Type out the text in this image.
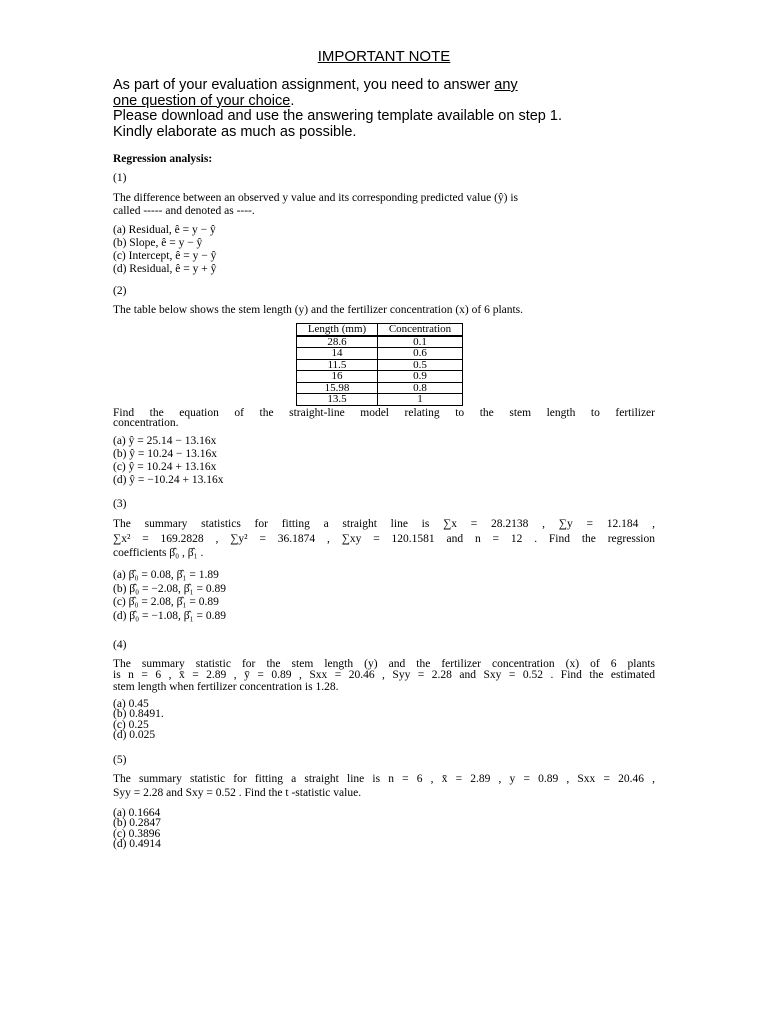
IMPORTANT NOTE

As part of your evaluation assignment, you need to answer any

one question of your choice.

Please download and use the answering template available on step 1.

Kindly elaborate as much as possible.

Regression analysis:
(1)
The difference between an observed y value and its corresponding predicted value (ŷ) is
called ----- and denoted as ----.
(a) Residual, ê = y − ŷ
(b) Slope, ê = y − ŷ
(c) Intercept, ê = y − ŷ
(d) Residual, ê = y + ŷ
(2)
The table below shows the stem length (y) and the fertilizer concentration (x) of 6 plants.
Length (mm)	Concentration
28.6	0.1
14	0.6
11.5	0.5
16	0.9
15.98	0.8
13.5	1
Find the equation of the straight-line model relating to the stem length to fertilizer
concentration.
(a) ŷ = 25.14 − 13.16x
(b) ŷ = 10.24 − 13.16x
(c) ŷ = 10.24 + 13.16x
(d) ŷ = −10.24 + 13.16x
(3)
The summary statistics for fitting a straight line is ∑x = 28.2138 , ∑y = 12.184 ,
∑x² = 169.2828 , ∑y² = 36.1874 , ∑xy = 120.1581 and n = 12 . Find the regression
coefficients β̂₀ , β̂₁ .
(a) β̂₀ = 0.08, β̂₁ = 1.89
(b) β̂₀ = −2.08, β̂₁ = 0.89
(c) β̂₀ = 2.08, β̂₁ = 0.89
(d) β̂₀ = −1.08, β̂₁ = 0.89
(4)
The summary statistic for the stem length (y) and the fertilizer concentration (x) of 6 plants
is n = 6 , x̄ = 2.89 , ȳ = 0.89 , Sxx = 20.46 , Syy = 2.28 and Sxy = 0.52 . Find the estimated
stem length when fertilizer concentration is 1.28.
(a) 0.45
(b) 0.8491.
(c) 0.25
(d) 0.025
(5)
The summary statistic for fitting a straight line is n = 6 , x̄ = 2.89 , y = 0.89 , Sxx = 20.46 ,
Syy = 2.28 and Sxy = 0.52 . Find the t -statistic value.
(a) 0.1664
(b) 0.2847
(c) 0.3896
(d) 0.4914
